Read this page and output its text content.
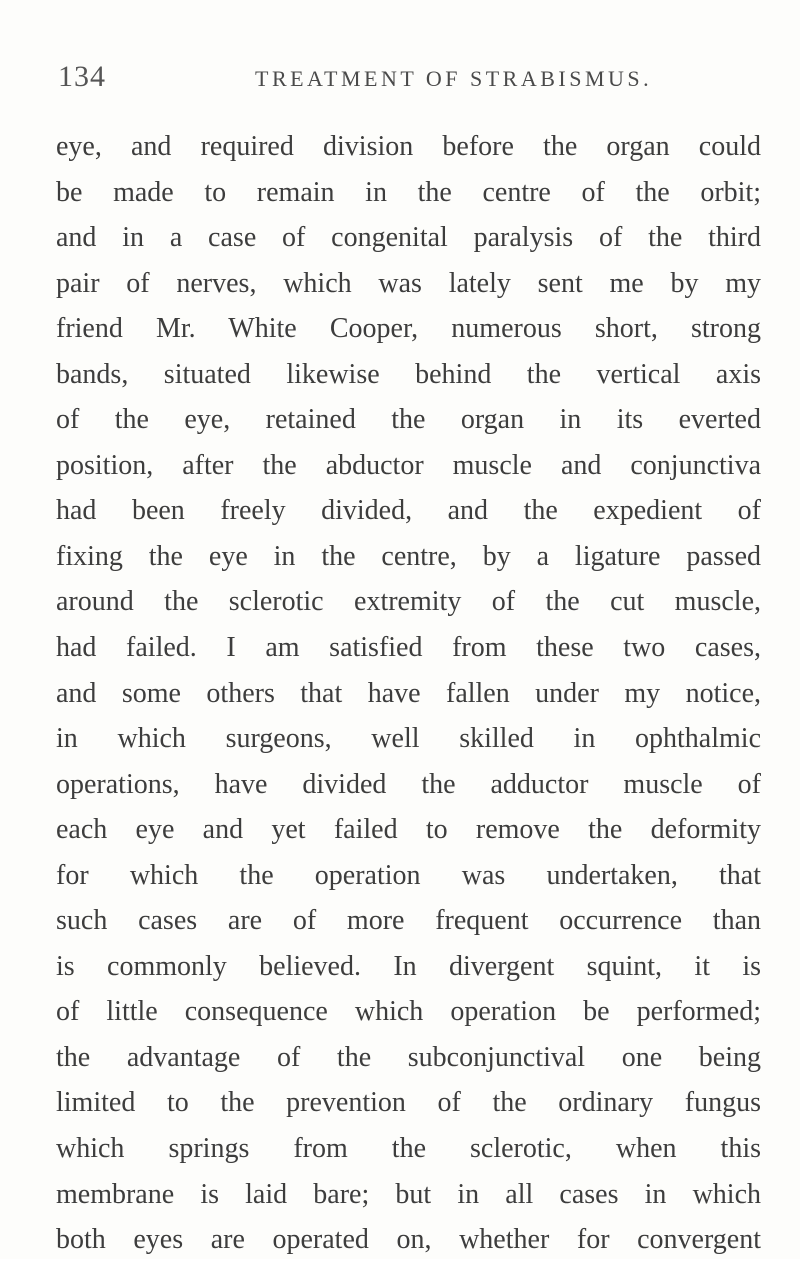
134	TREATMENT OF STRABISMUS.
eye, and required division before the organ could
be made to remain in the centre of the orbit;
and in a case of congenital paralysis of the third
pair of nerves, which was lately sent me by my
friend Mr. White Cooper, numerous short, strong
bands, situated likewise behind the vertical axis
of the eye, retained the organ in its everted
position, after the abductor muscle and conjunctiva
had been freely divided, and the expedient of
fixing the eye in the centre, by a ligature passed
around the sclerotic extremity of the cut muscle,
had failed. I am satisfied from these two cases,
and some others that have fallen under my notice,
in which surgeons, well skilled in ophthalmic
operations, have divided the adductor muscle of
each eye and yet failed to remove the deformity
for which the operation was undertaken, that
such cases are of more frequent occurrence than
is commonly believed. In divergent squint, it is
of little consequence which operation be performed;
the advantage of the subconjunctival one being
limited to the prevention of the ordinary fungus
which springs from the sclerotic, when this
membrane is laid bare; but in all cases in which
both eyes are operated on, whether for convergent
